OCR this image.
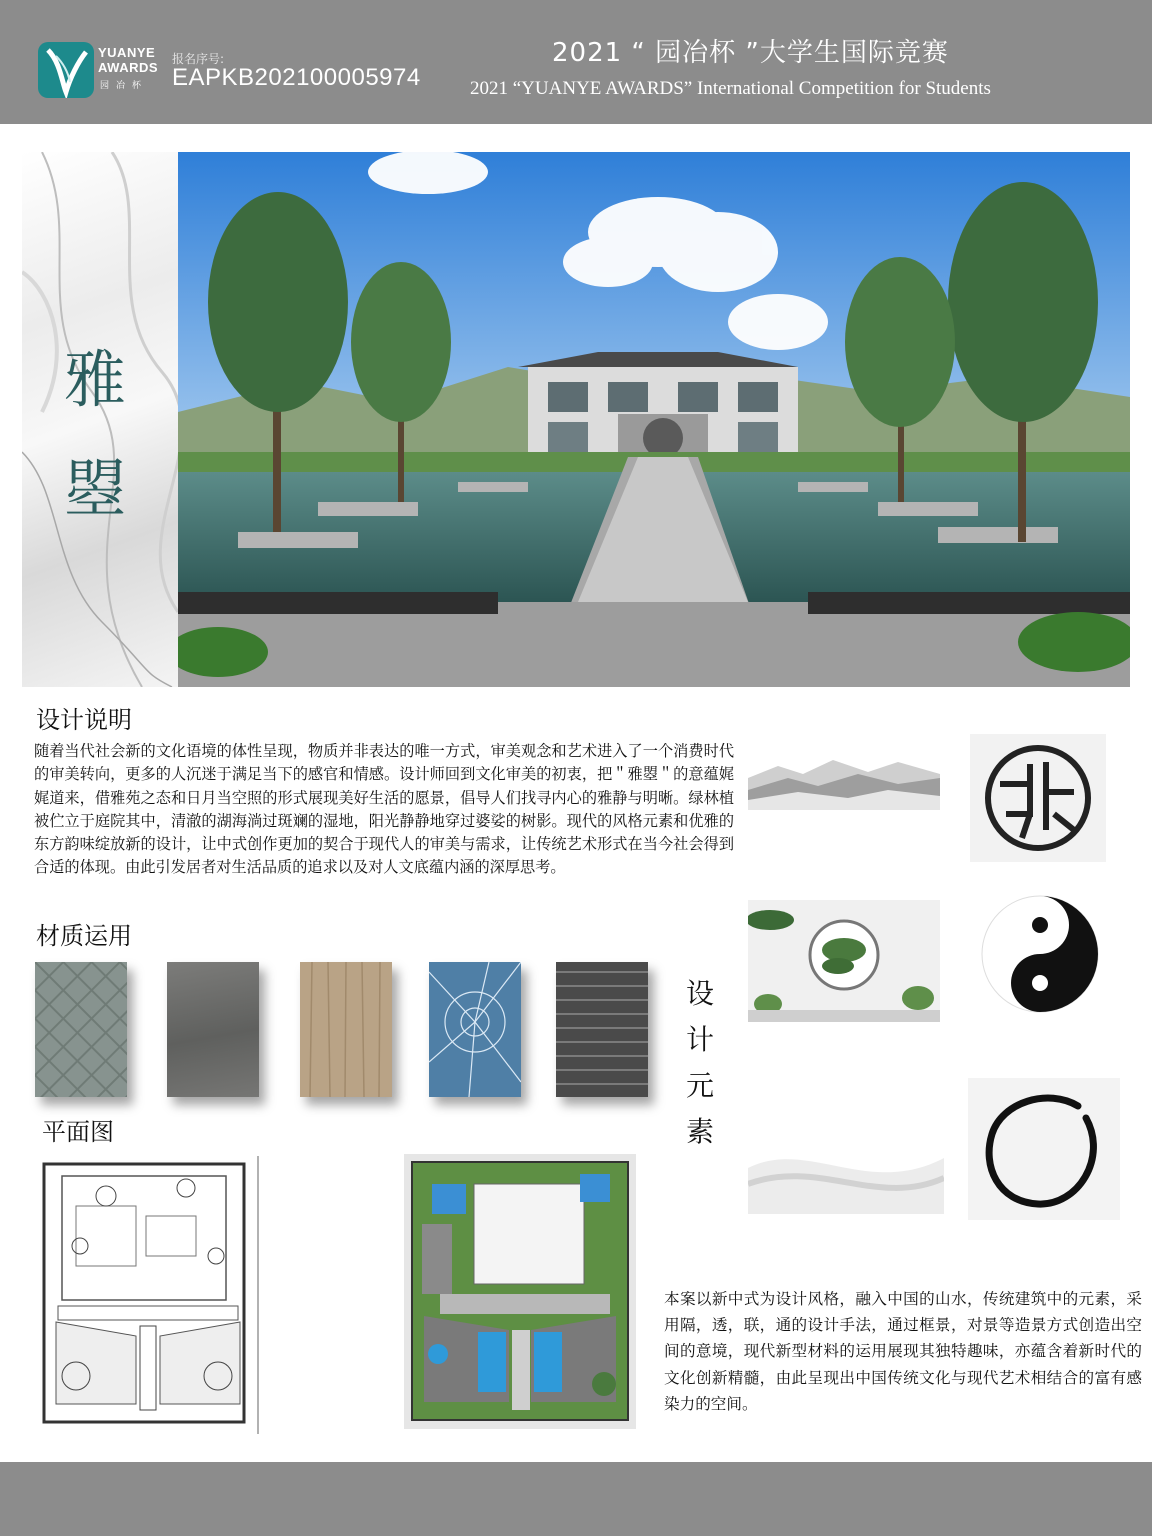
YUANYE
AWARDS
园冶杯
报名序号:
EAPKB202100005974
2021 “ 园冶杯 ”大学生国际竞赛
2021 “YUANYE AWARDS” International Competition for Students
雅
曌
设计说明
随着当代社会新的文化语境的体性呈现，物质并非表达的唯一方式，审美观念和艺术进入了一个消费时代的审美转向，更多的人沉迷于满足当下的感官和情感。设计师回到文化审美的初衷，把＂雅曌＂的意蕴娓娓道来，借雅苑之态和日月当空照的形式展现美好生活的愿景，倡导人们找寻内心的雅静与明晰。绿林植被伫立于庭院其中，清澈的湖海淌过斑斓的湿地，阳光静静地穿过婆娑的树影。现代的风格元素和优雅的东方韵味绽放新的设计，让中式创作更加的契合于现代人的审美与需求，让传统艺术形式在当今社会得到合适的体现。由此引发居者对生活品质的追求以及对人文底蕴内涵的深厚思考。
材质运用
设
计
元
素
平面图
本案以新中式为设计风格，融入中国的山水，传统建筑中的元素，采用隔，透，联，通的设计手法，通过框景，对景等造景方式创造出空间的意境，现代新型材料的运用展现其独特趣味，亦蕴含着新时代的文化创新精髓，由此呈现出中国传统文化与现代艺术相结合的富有感染力的空间。
